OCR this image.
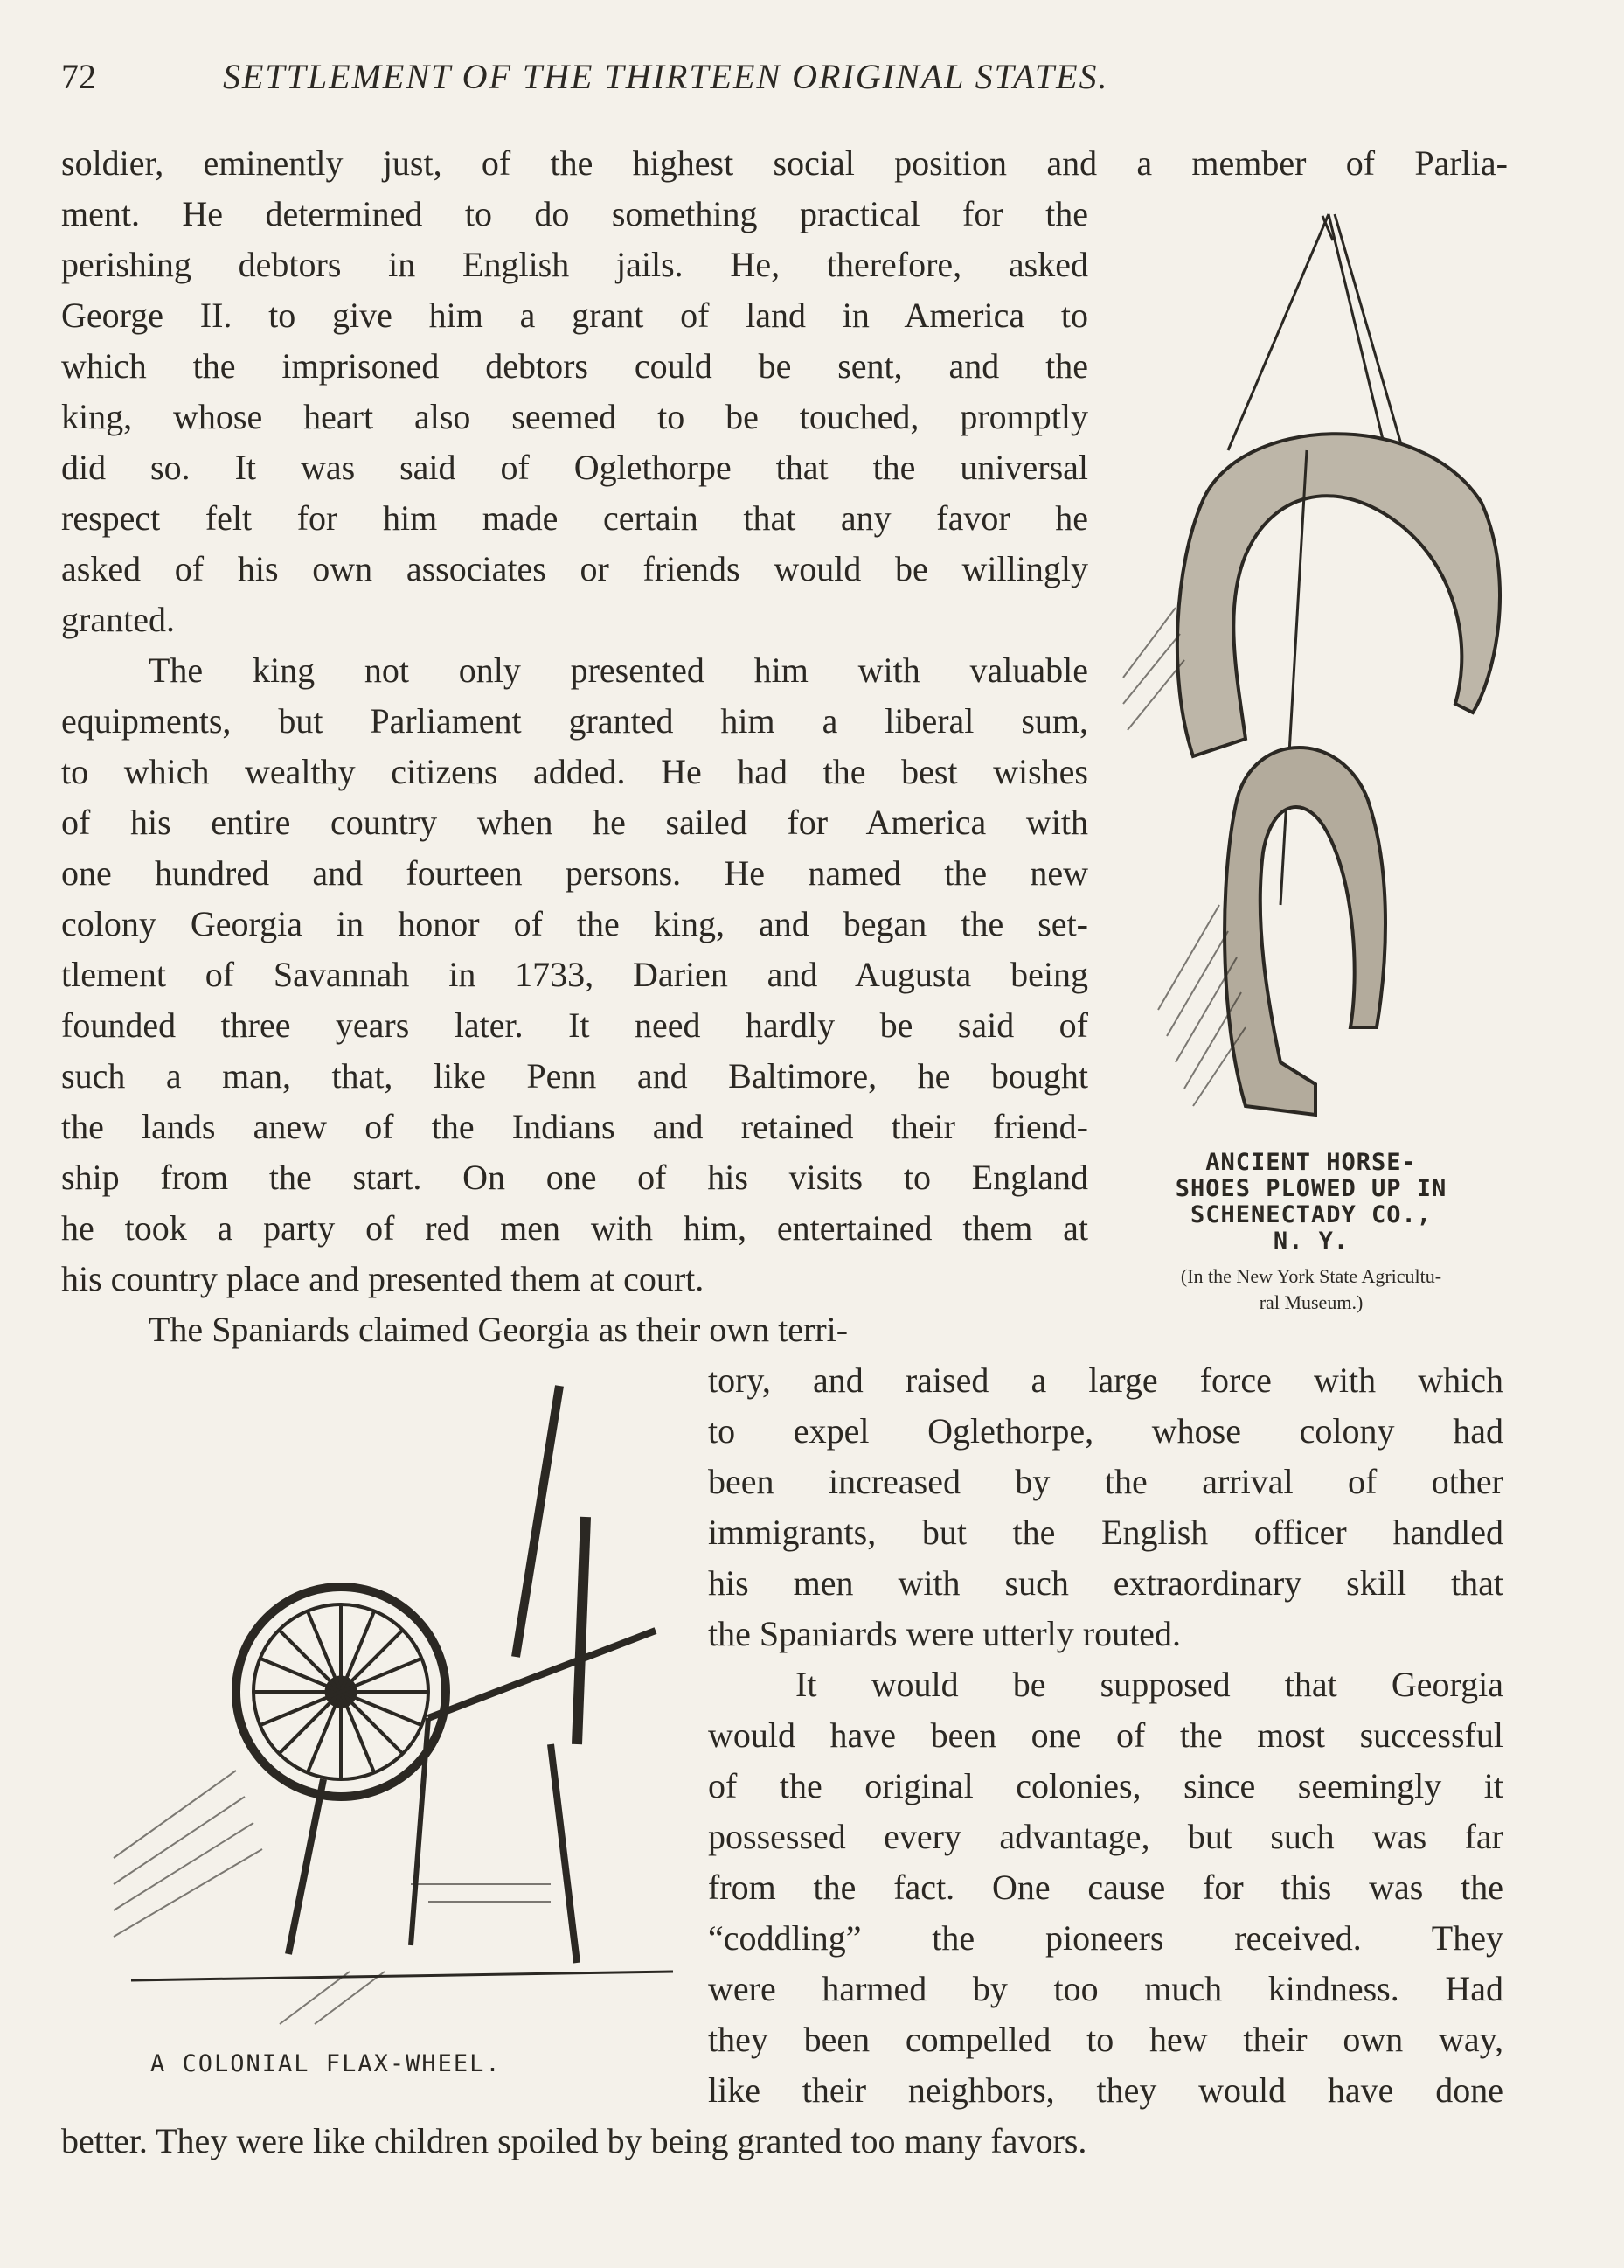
72	SETTLEMENT OF THE THIRTEEN ORIGINAL STATES.
soldier, eminently just, of the highest social position and a member of Parlia-
ment. He determined to do something practical for the
perishing debtors in English jails. He, therefore, asked
George II. to give him a grant of land in America to
which the imprisoned debtors could be sent, and the
king, whose heart also seemed to be touched, promptly
did so. It was said of Oglethorpe that the universal
respect felt for him made certain that any favor he
asked of his own associates or friends would be willingly
granted.
The king not only presented him with valuable
equipments, but Parliament granted him a liberal sum,
to which wealthy citizens added. He had the best wishes
of his entire country when he sailed for America with
one hundred and fourteen persons. He named the new
colony Georgia in honor of the king, and began the set-
tlement of Savannah in 1733, Darien and Augusta being
founded three years later. It need hardly be said of
such a man, that, like Penn and Baltimore, he bought
the lands anew of the Indians and retained their friend-
ship from the start. On one of his visits to England
he took a party of red men with him, entertained them at
his country place and presented them at court.
The Spaniards claimed Georgia as their own terri-
tory, and raised a large force with which
to expel Oglethorpe, whose colony had
been increased by the arrival of other
immigrants, but the English officer handled
his men with such extraordinary skill that
the Spaniards were utterly routed.
It would be supposed that Georgia
would have been one of the most successful
of the original colonies, since seemingly it
possessed every advantage, but such was far
from the fact. One cause for this was the
“coddling” the pioneers received. They
were harmed by too much kindness. Had
they been compelled to hew their own way,
like their neighbors, they would have done
better. They were like children spoiled by being granted too many favors.
ANCIENT HORSE-
SHOES PLOWED UP IN
SCHENECTADY CO.,
N. Y.
(In the New York State Agricultu-
ral Museum.)
A COLONIAL FLAX-WHEEL.
